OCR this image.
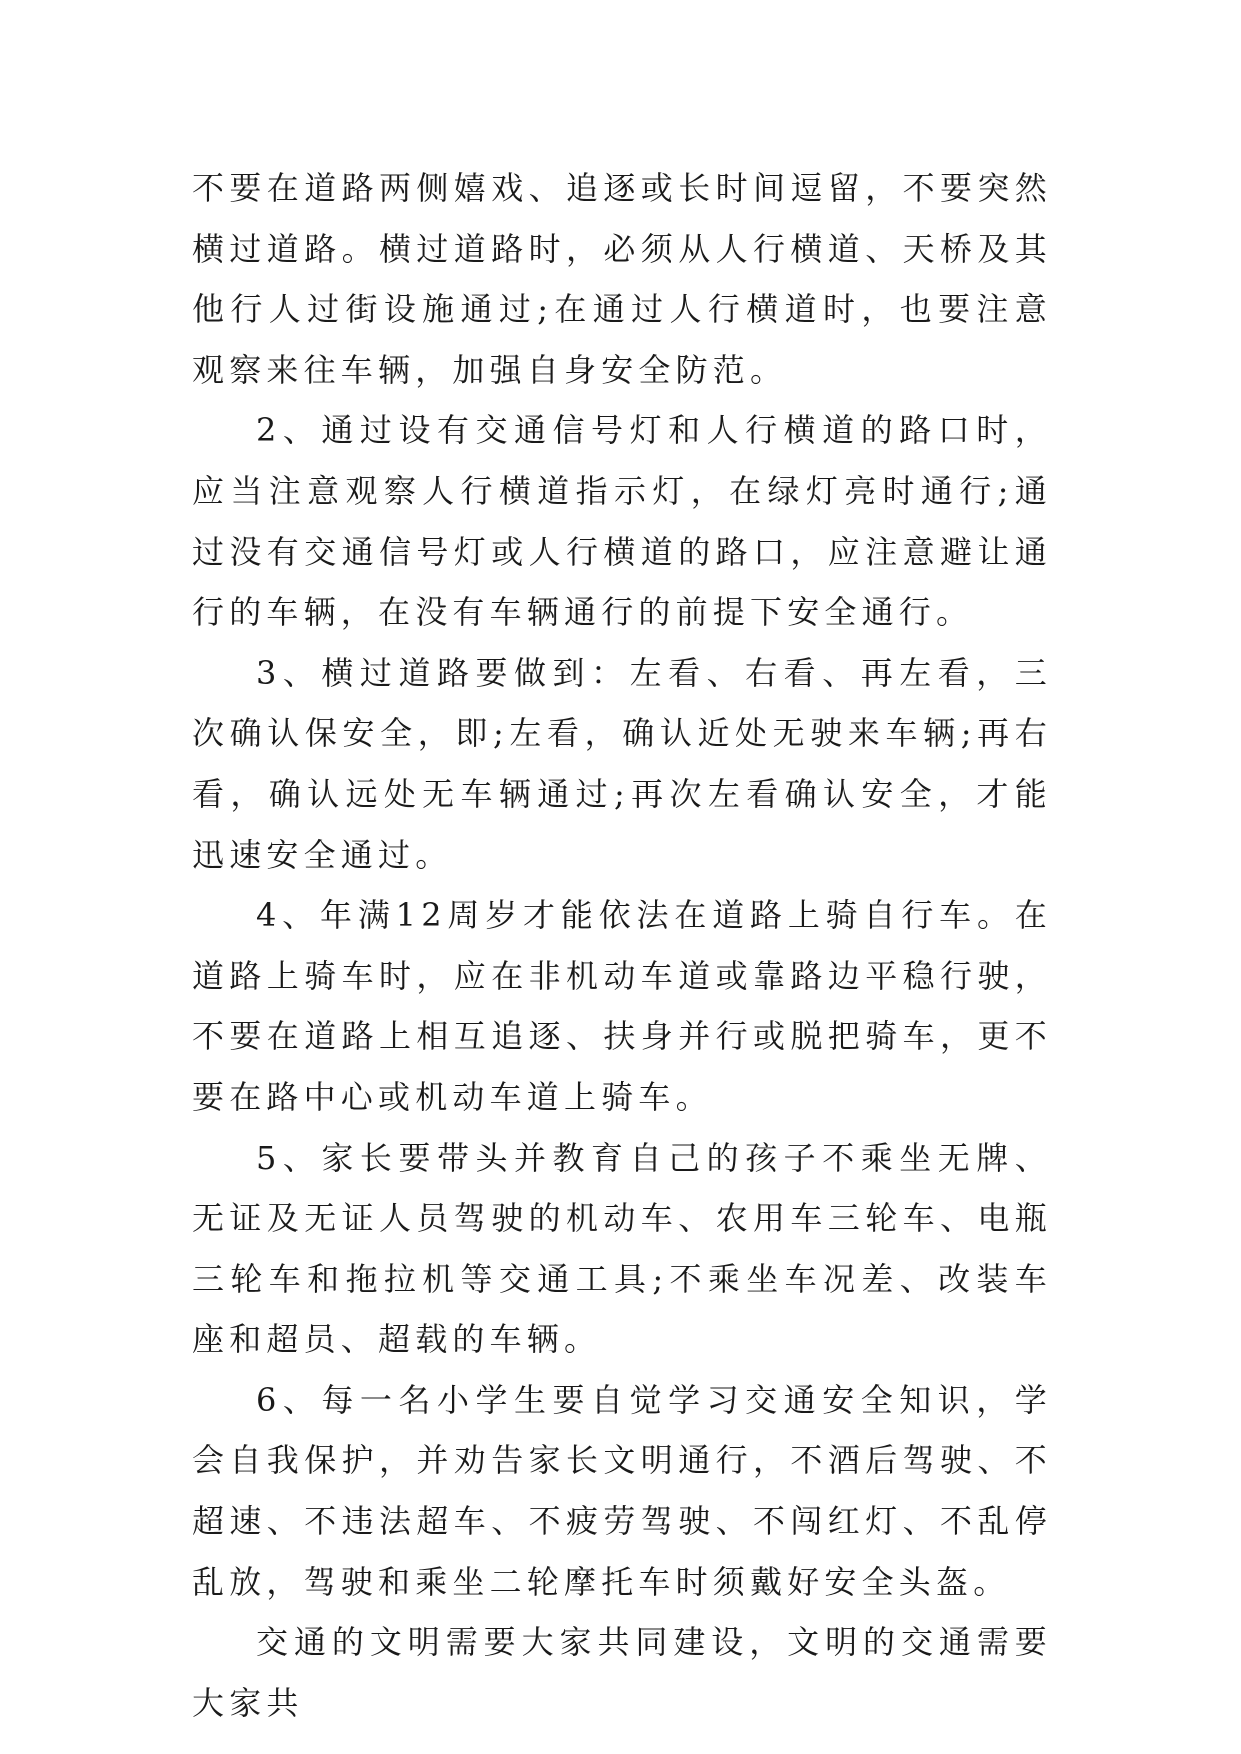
不要在道路两侧嬉戏、追逐或长时间逗留，不要突然横过道路。横过道路时，必须从人行横道、天桥及其他行人过街设施通过;在通过人行横道时，也要注意观察来往车辆，加强自身安全防范。

2、通过设有交通信号灯和人行横道的路口时，应当注意观察人行横道指示灯，在绿灯亮时通行;通过没有交通信号灯或人行横道的路口，应注意避让通行的车辆，在没有车辆通行的前提下安全通行。

3、横过道路要做到：左看、右看、再左看，三次确认保安全，即;左看，确认近处无驶来车辆;再右看，确认远处无车辆通过;再次左看确认安全，才能迅速安全通过。

4、年满12周岁才能依法在道路上骑自行车。在道路上骑车时，应在非机动车道或靠路边平稳行驶，不要在道路上相互追逐、扶身并行或脱把骑车，更不要在路中心或机动车道上骑车。

5、家长要带头并教育自己的孩子不乘坐无牌、无证及无证人员驾驶的机动车、农用车三轮车、电瓶三轮车和拖拉机等交通工具;不乘坐车况差、改装车座和超员、超载的车辆。

6、每一名小学生要自觉学习交通安全知识，学会自我保护，并劝告家长文明通行，不酒后驾驶、不超速、不违法超车、不疲劳驾驶、不闯红灯、不乱停乱放，驾驶和乘坐二轮摩托车时须戴好安全头盔。

交通的文明需要大家共同建设，文明的交通需要大家共
